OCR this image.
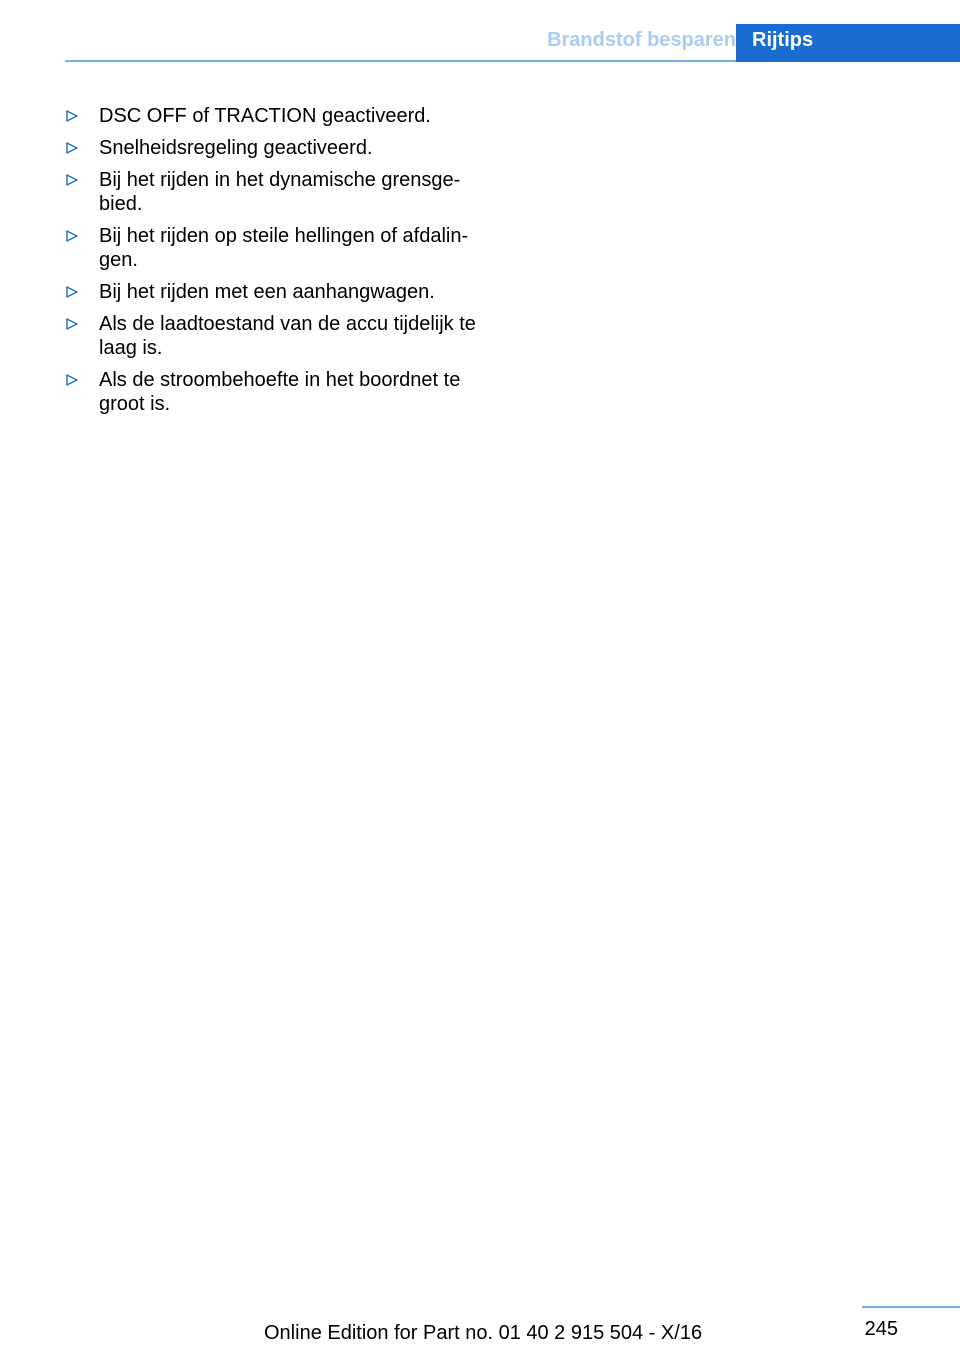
Brandstof besparen Rijtips
DSC OFF of TRACTION geactiveerd.
Snelheidsregeling geactiveerd.
Bij het rijden in het dynamische grensgebied.
Bij het rijden op steile hellingen of afdalingen.
Bij het rijden met een aanhangwagen.
Als de laadtoestand van de accu tijdelijk te laag is.
Als de stroombehoefte in het boordnet te groot is.
245
Online Edition for Part no. 01 40 2 915 504 - X/16
